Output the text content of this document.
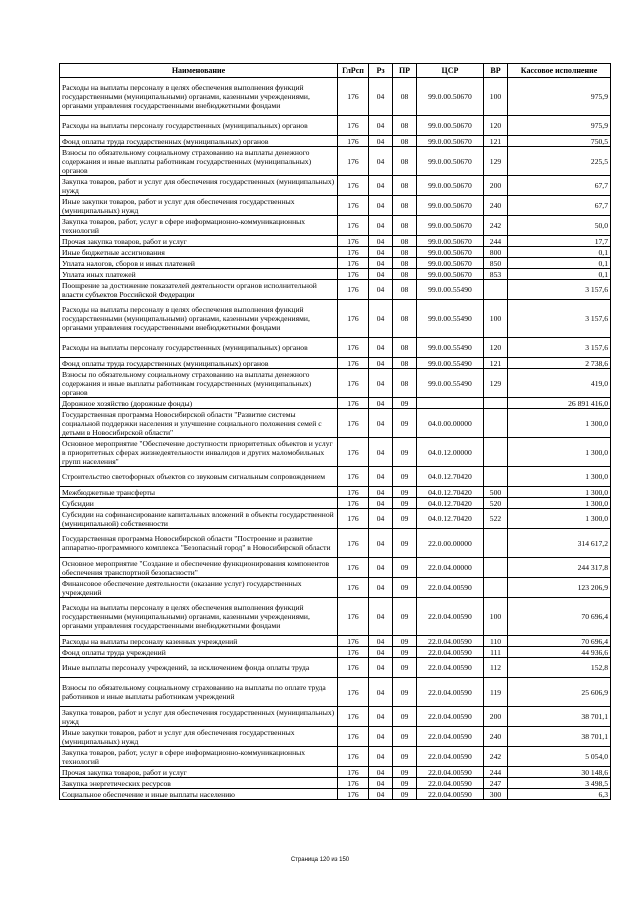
Наименование	ГлРсп	Рз	ПР	ЦСР	ВР	Кассовое исполнение
Расходы на выплаты персоналу в целях обеспечения выполнения функций государственными (муниципальными) органами, казенными учреждениями, органами управления государственными внебюджетными фондами	176	04	08	99.0.00.50670	100	975,9
Расходы на выплаты персоналу государственных (муниципальных) органов	176	04	08	99.0.00.50670	120	975,9
Фонд оплаты труда государственных (муниципальных) органов	176	04	08	99.0.00.50670	121	750,5
Взносы по обязательному социальному страхованию на выплаты денежного содержания и иные выплаты работникам государственных (муниципальных) органов	176	04	08	99.0.00.50670	129	225,5
Закупка товаров, работ и услуг для обеспечения государственных (муниципальных) нужд	176	04	08	99.0.00.50670	200	67,7
Иные закупки товаров, работ и услуг для обеспечения государственных (муниципальных) нужд	176	04	08	99.0.00.50670	240	67,7
Закупка товаров, работ, услуг в сфере информационно-коммуникационных технологий	176	04	08	99.0.00.50670	242	50,0
Прочая закупка товаров, работ и услуг	176	04	08	99.0.00.50670	244	17,7
Иные бюджетные ассигнования	176	04	08	99.0.00.50670	800	0,1
Уплата налогов, сборов и иных платежей	176	04	08	99.0.00.50670	850	0,1
Уплата иных платежей	176	04	08	99.0.00.50670	853	0,1
Поощрение за достижение показателей деятельности органов исполнительной власти субъектов Российской Федерации	176	04	08	99.0.00.55490		3 157,6
Расходы на выплаты персоналу в целях обеспечения выполнения функций государственными (муниципальными) органами, казенными учреждениями, органами управления государственными внебюджетными фондами	176	04	08	99.0.00.55490	100	3 157,6
Расходы на выплаты персоналу государственных (муниципальных) органов	176	04	08	99.0.00.55490	120	3 157,6
Фонд оплаты труда государственных (муниципальных) органов	176	04	08	99.0.00.55490	121	2 738,6
Взносы по обязательному социальному страхованию на выплаты денежного содержания и иные выплаты работникам государственных (муниципальных) органов	176	04	08	99.0.00.55490	129	419,0
Дорожное хозяйство (дорожные фонды)	176	04	09			26 891 416,0
Государственная программа Новосибирской области "Развитие системы социальной поддержки населения и улучшение социального положения семей с детьми в Новосибирской области"	176	04	09	04.0.00.00000		1 300,0
Основное мероприятие "Обеспечение доступности приоритетных объектов и услуг в приоритетных сферах жизнедеятельности инвалидов и других маломобильных групп населения"	176	04	09	04.0.12.00000		1 300,0
Строительство светофорных объектов со звуковым сигнальным сопровождением	176	04	09	04.0.12.70420		1 300,0
Межбюджетные трансферты	176	04	09	04.0.12.70420	500	1 300,0
Субсидии	176	04	09	04.0.12.70420	520	1 300,0
Субсидии на софинансирование капитальных вложений в объекты государственной (муниципальной) собственности	176	04	09	04.0.12.70420	522	1 300,0
Государственная программа Новосибирской области "Построение и развитие аппаратно-программного комплекса "Безопасный город" в Новосибирской области	176	04	09	22.0.00.00000		314 617,2
Основное мероприятие "Создание и обеспечение функционирования компонентов обеспечения транспортной безопасности"	176	04	09	22.0.04.00000		244 317,8
Финансовое обеспечение деятельности (оказание услуг) государственных учреждений	176	04	09	22.0.04.00590		123 206,9
Расходы на выплаты персоналу в целях обеспечения выполнения функций государственными (муниципальными) органами, казенными учреждениями, органами управления государственными внебюджетными фондами	176	04	09	22.0.04.00590	100	70 696,4
Расходы на выплаты персоналу казенных учреждений	176	04	09	22.0.04.00590	110	70 696,4
Фонд оплаты труда учреждений	176	04	09	22.0.04.00590	111	44 936,6
Иные выплаты персоналу учреждений, за исключением фонда оплаты труда	176	04	09	22.0.04.00590	112	152,8
Взносы по обязательному социальному страхованию на выплаты по оплате труда работников и иные выплаты работникам учреждений	176	04	09	22.0.04.00590	119	25 606,9
Закупка товаров, работ и услуг для обеспечения государственных (муниципальных) нужд	176	04	09	22.0.04.00590	200	38 701,1
Иные закупки товаров, работ и услуг для обеспечения государственных (муниципальных) нужд	176	04	09	22.0.04.00590	240	38 701,1
Закупка товаров, работ, услуг в сфере информационно-коммуникационных технологий	176	04	09	22.0.04.00590	242	5 054,0
Прочая закупка товаров, работ и услуг	176	04	09	22.0.04.00590	244	30 148,6
Закупка энергетических ресурсов	176	04	09	22.0.04.00590	247	3 498,5
Социальное обеспечение и иные выплаты населению	176	04	09	22.0.04.00590	300	6,3
Страница 120 из 150
